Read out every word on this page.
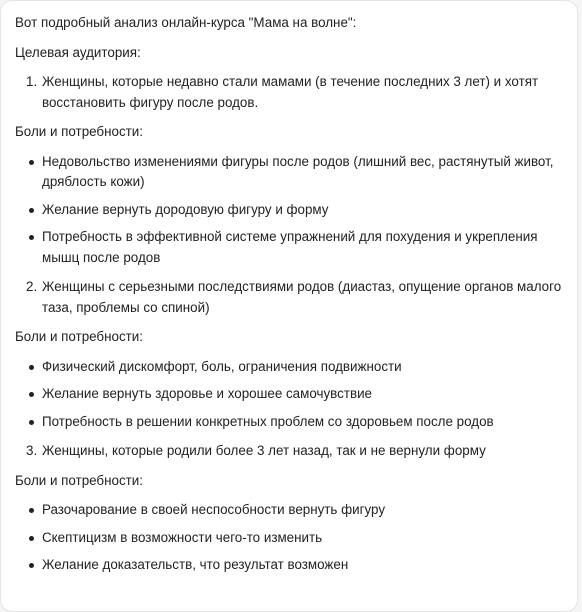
Вот подробный анализ онлайн-курса "Мама на волне":

Целевая аудитория:

1. Женщины, которые недавно стали мамами (в течение последних 3 лет) и хотят восстановить фигуру после родов.

Боли и потребности:

Недовольство изменениями фигуры после родов (лишний вес, растянутый живот, дряблость кожи)
Желание вернуть дородовую фигуру и форму
Потребность в эффективной системе упражнений для похудения и укрепления мышц после родов
2. Женщины с серьезными последствиями родов (диастаз, опущение органов малого таза, проблемы со спиной)

Боли и потребности:

Физический дискомфорт, боль, ограничения подвижности
Желание вернуть здоровье и хорошее самочувствие
Потребность в решении конкретных проблем со здоровьем после родов
3. Женщины, которые родили более 3 лет назад, так и не вернули форму

Боли и потребности:

Разочарование в своей неспособности вернуть фигуру
Скептицизм в возможности чего-то изменить
Желание доказательств, что результат возможен
